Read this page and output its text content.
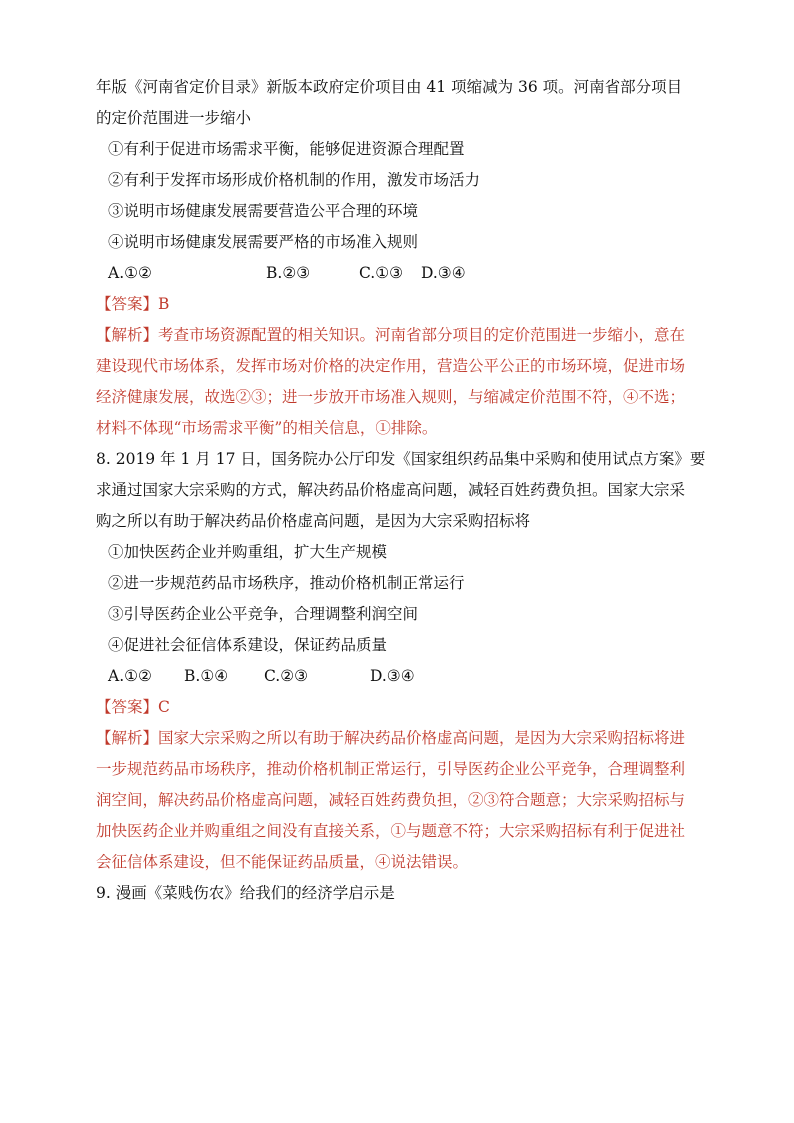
年版《河南省定价目录》新版本政府定价项目由 41 项缩减为 36 项。河南省部分项目
的定价范围进一步缩小
①有利于促进市场需求平衡，能够促进资源合理配置
②有利于发挥市场形成价格机制的作用，激发市场活力
③说明市场健康发展需要营造公平合理的环境
④说明市场健康发展需要严格的市场准入规则
A.①②	B.②③	C.①③ D.③④
【答案】B
【解析】考查市场资源配置的相关知识。河南省部分项目的定价范围进一步缩小，意在
建设现代市场体系，发挥市场对价格的决定作用，营造公平公正的市场环境，促进市场
经济健康发展，故选②③；进一步放开市场准入规则，与缩减定价范围不符，④不选；
材料不体现“市场需求平衡”的相关信息，①排除。
8. 2019 年 1 月 17 日，国务院办公厅印发《国家组织药品集中采购和使用试点方案》要
求通过国家大宗采购的方式，解决药品价格虚高问题，减轻百姓药费负担。国家大宗采
购之所以有助于解决药品价格虚高问题，是因为大宗采购招标将
①加快医药企业并购重组，扩大生产规模
②进一步规范药品市场秩序，推动价格机制正常运行
③引导医药企业公平竞争，合理调整利润空间
④促进社会征信体系建设，保证药品质量
A.①② B.①④ C.②③	D.③④
【答案】C
【解析】国家大宗采购之所以有助于解决药品价格虚高问题，是因为大宗采购招标将进
一步规范药品市场秩序，推动价格机制正常运行，引导医药企业公平竞争，合理调整利
润空间，解决药品价格虚高问题，减轻百姓药费负担，②③符合题意；大宗采购招标与
加快医药企业并购重组之间没有直接关系，①与题意不符；大宗采购招标有利于促进社
会征信体系建设，但不能保证药品质量，④说法错误。
9. 漫画《菜贱伤农》给我们的经济学启示是
